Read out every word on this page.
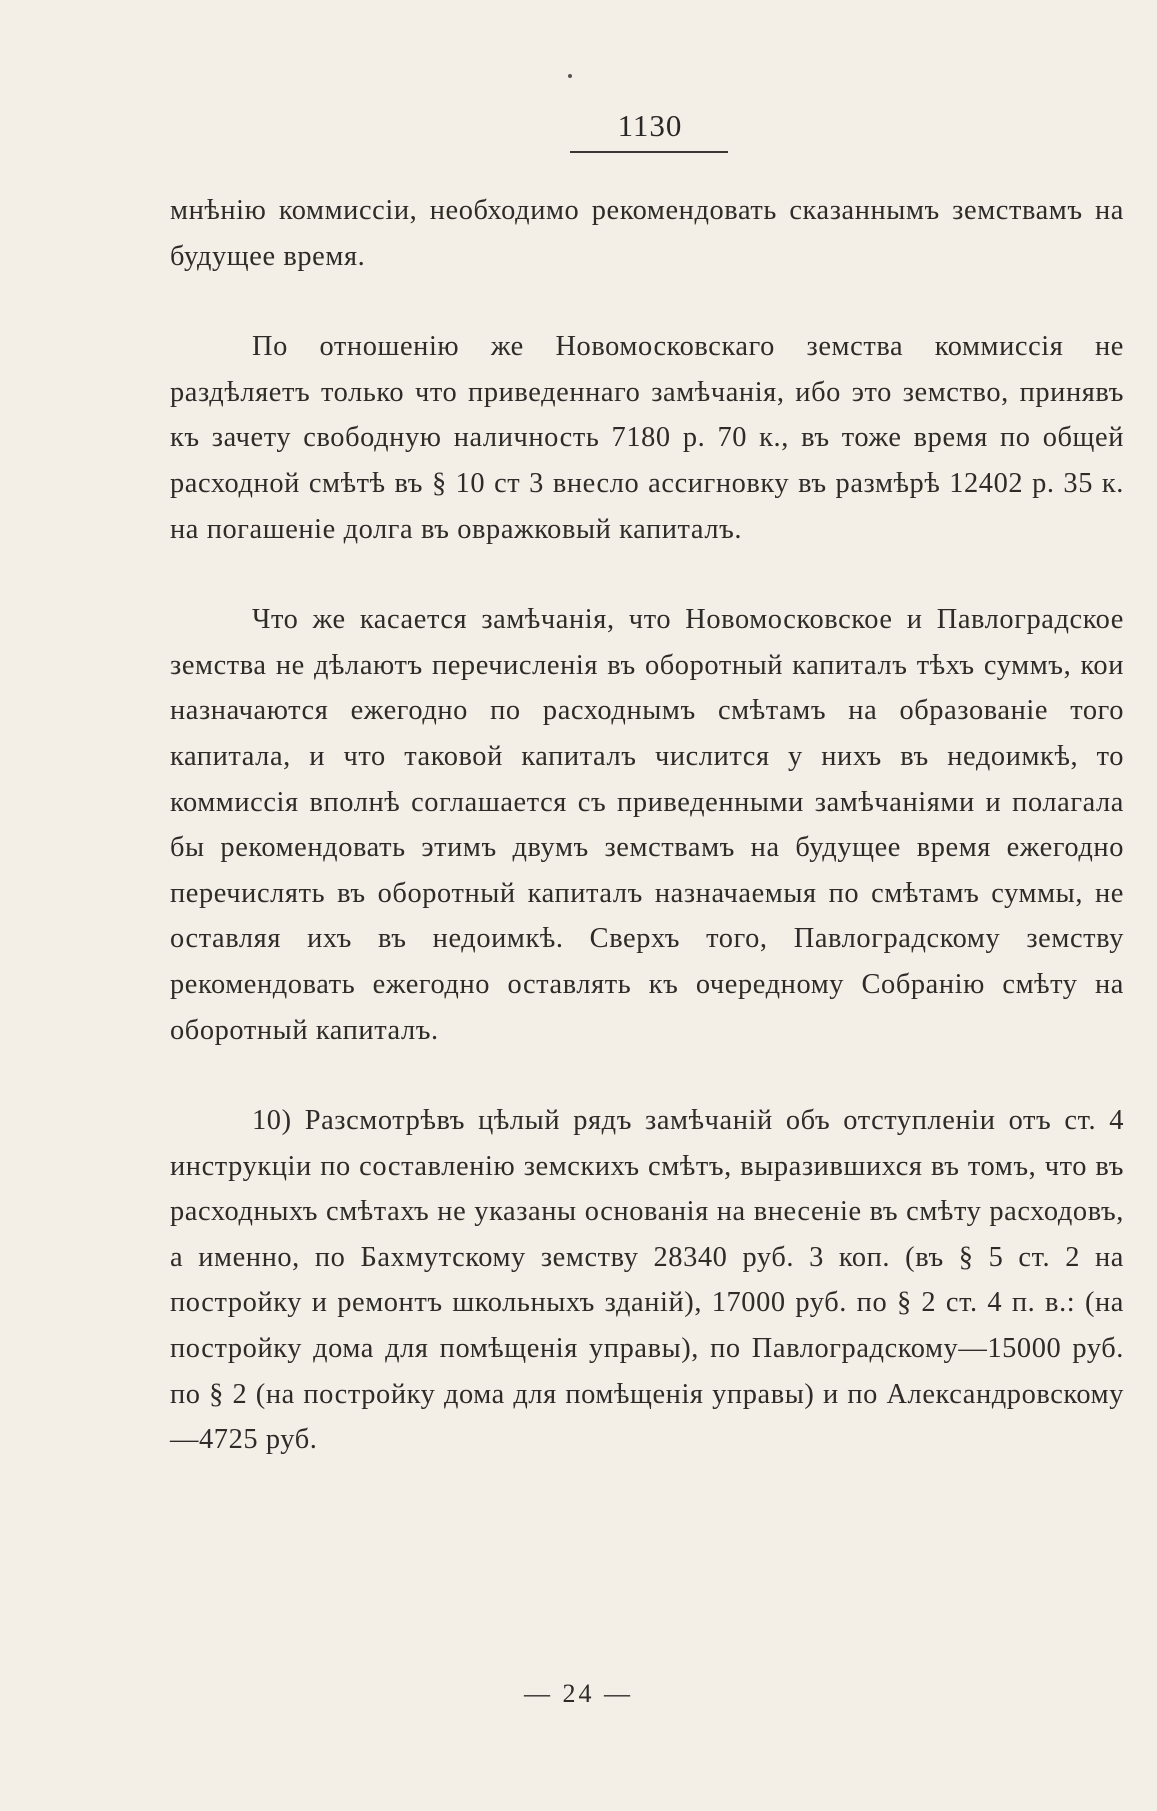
1130

мнѣнію коммиссіи, необходимо рекомендовать сказаннымъ земствамъ на будущее время.

По отношенію же Новомосковскаго земства коммиссія не раздѣляетъ только что приведеннаго замѣчанія, ибо это земство, принявъ къ зачету свободную наличность 7180 р. 70 к., въ тоже время по общей расходной смѣтѣ въ § 10 ст 3 внесло ассигновку въ размѣрѣ 12402 р. 35 к. на погашеніе долга въ овражковый капиталъ.

Что же касается замѣчанія, что Новомосковское и Павлоградское земства не дѣлаютъ перечисленія въ оборотный капиталъ тѣхъ суммъ, кои назначаются ежегодно по расходнымъ смѣтамъ на образованіе того капитала, и что таковой капиталъ числится у нихъ въ недоимкѣ, то коммиссія вполнѣ соглашается съ приведенными замѣчаніями и полагала бы рекомендовать этимъ двумъ земствамъ на будущее время ежегодно перечислять въ оборотный капиталъ назначаемыя по смѣтамъ суммы, не оставляя ихъ въ недоимкѣ. Сверхъ того, Павлоградскому земству рекомендовать ежегодно оставлять къ очередному Собранію смѣту на оборотный капиталъ.

10) Разсмотрѣвъ цѣлый рядъ замѣчаній объ отступленіи отъ ст. 4 инструкціи по составленію земскихъ смѣтъ, выразившихся въ томъ, что въ расходныхъ смѣтахъ не указаны основанія на внесеніе въ смѣту расходовъ, а именно, по Бахмутскому земству 28340 руб. 3 коп. (въ § 5 ст. 2 на постройку и ремонтъ школьныхъ зданій), 17000 руб. по § 2 ст. 4 п. в.: (на постройку дома для помѣщенія управы), по Павлоградскому—15000 руб. по § 2 (на постройку дома для помѣщенія управы) и по Александровскому—4725 руб.

— 24 —
